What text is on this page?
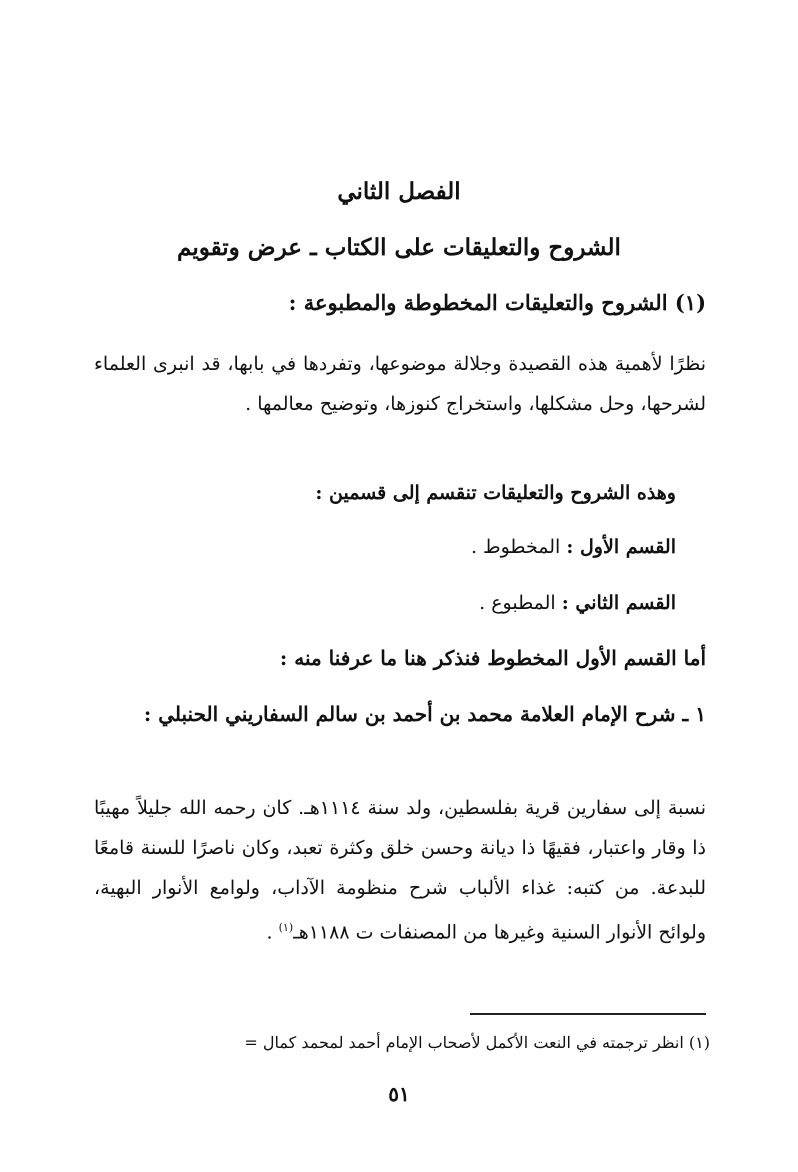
الفصل الثاني
الشروح والتعليقات على الكتاب ـ عرض وتقويم
(١) الشروح والتعليقات المخطوطة والمطبوعة :
نظرًا لأهمية هذه القصيدة وجلالة موضوعها، وتفردها في بابها، قد انبرى العلماء لشرحها، وحل مشكلها، واستخراج كنوزها، وتوضيح معالمها .
وهذه الشروح والتعليقات تنقسم إلى قسمين :
القسم الأول : المخطوط .
القسم الثاني : المطبوع .
أما القسم الأول المخطوط فنذكر هنا ما عرفنا منه :
١ ـ شرح الإمام العلامة محمد بن أحمد بن سالم السفاريني الحنبلي :
نسبة إلى سفارين قرية بفلسطين، ولد سنة ١١١٤هـ. كان رحمه الله جليلاً مهيبًا ذا وقار واعتبار، فقيهًا ذا ديانة وحسن خلق وكثرة تعبد، وكان ناصرًا للسنة قامعًا للبدعة. من كتبه: غذاء الألباب شرح منظومة الآداب، ولوامع الأنوار البهية، ولوائح الأنوار السنية وغيرها من المصنفات ت ١١٨٨هـ$^{(١)}$ .
(١) انظر ترجمته في النعت الأكمل لأصحاب الإمام أحمد لمحمد كمال =
٥١
